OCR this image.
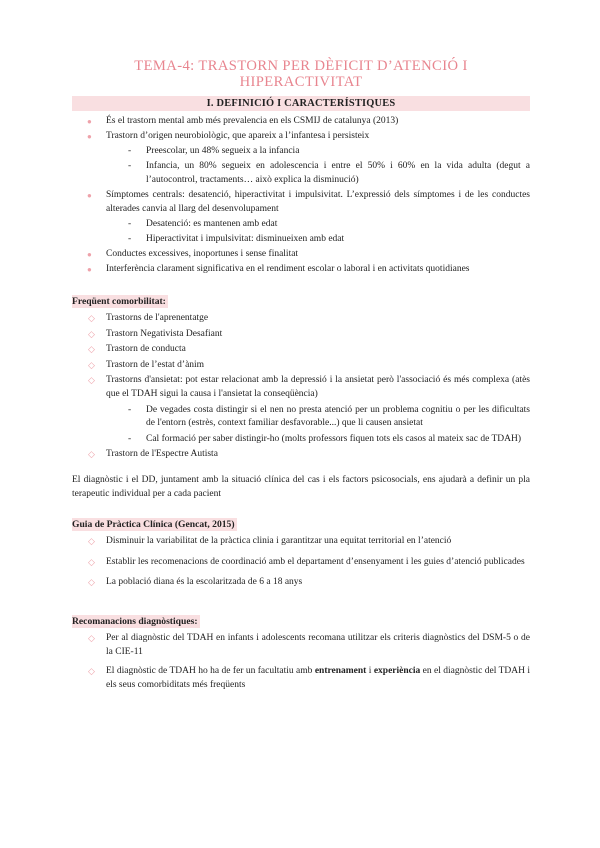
TEMA-4: TRASTORN PER DÈFICIT D’ATENCIÓ I HIPERACTIVITAT
I. DEFINICIÓ I CARACTERÍSTIQUES
● És el trastorn mental amb més prevalencia en els CSMIJ de catalunya (2013)
● Trastorn d’origen neurobiològic, que apareix a l’infantesa i persisteix
- Preescolar, un 48% segueix a la infancia
- Infancia, un 80% segueix en adolescencia i entre el 50% i 60% en la vida adulta (degut a l’autocontrol, tractaments… això explica la disminució)
● Símptomes centrals: desatenció, hiperactivitat i impulsivitat. L’expressió dels símptomes i de les conductes alterades canvia al llarg del desenvolupament
- Desatenció: es mantenen amb edat
- Hiperactivitat i impulsivitat: disminueixen amb edat
● Conductes excessives, inoportunes i sense finalitat
● Interferència clarament significativa en el rendiment escolar o laboral i en activitats quotidianes
Freqüent comorbilitat:
◇ Trastorns de l'aprenentatge
◇ Trastorn Negativista Desafiant
◇ Trastorn de conducta
◇ Trastorn de l’estat d’ànim
◇ Trastorns d'ansietat: pot estar relacionat amb la depressió i la ansietat però l'associació és més complexa (atès que el TDAH sigui la causa i l'ansietat la conseqüència)
- De vegades costa distingir si el nen no presta atenció per un problema cognitiu o per les dificultats de l'entorn (estrès, context familiar desfavorable...) que li causen ansietat
- Cal formació per saber distingir-ho (molts professors fiquen tots els casos al mateix sac de TDAH)
◇ Trastorn de l'Espectre Autista

El diagnòstic i el DD, juntament amb la situació clínica del cas i els factors psicosocials, ens ajudarà a definir un pla terapeutic individual per a cada pacient

Guia de Pràctica Clínica (Gencat, 2015)
◇ Disminuir la variabilitat de la pràctica clinia i garantitzar una equitat territorial en l’atenció
◇ Establir les recomenacions de coordinació amb el departament d’ensenyament i les guies d’atenció publicades
◇ La població diana és la escolaritzada de 6 a 18 anys
Recomanacions diagnòstiques:
◇ Per al diagnòstic del TDAH en infants i adolescents recomana utilitzar els criteris diagnòstics del DSM-5 o de la CIE-11
◇ El diagnòstic de TDAH ho ha de fer un facultatiu amb entrenament i experiència en el diagnòstic del TDAH i els seus comorbiditats més freqüents
